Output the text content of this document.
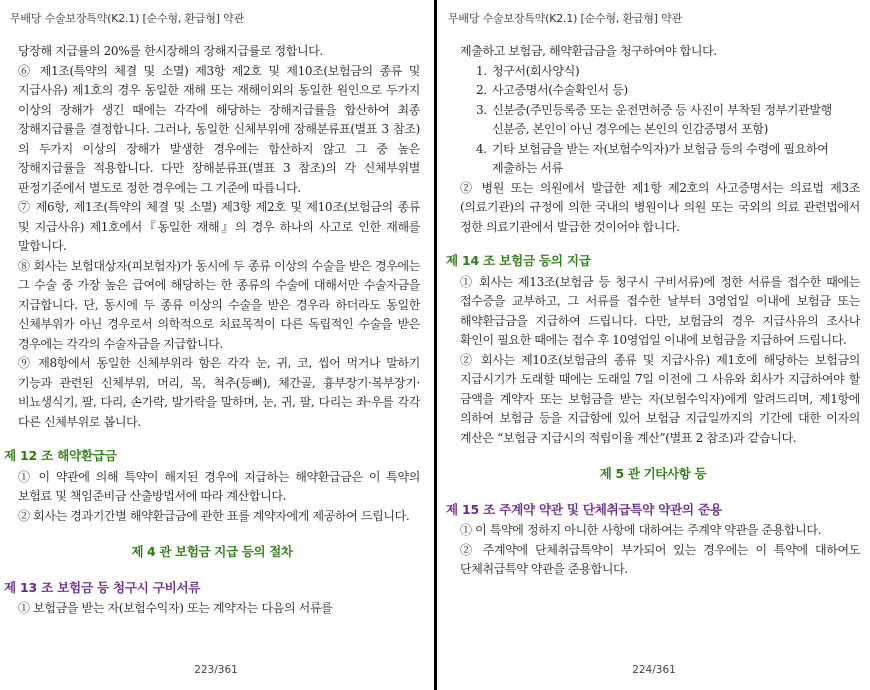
무배당 수술보장특약(K2.1) [순수형, 환급형] 약관

당장해 지급률의 20%를 한시장해의 장해지급률로 정합니다.

⑥ 제1조(특약의 체결 및 소멸) 제3항 제2호 및 제10조(보험금의 종류 및 지급사유) 제1호의 경우 동일한 재해 또는 재해이외의 동일한 원인으로 두가지 이상의 장해가 생긴 때에는 각각에 해당하는 장해지급률을 합산하여 최종 장해지급률을 결정합니다. 그러나, 동일한 신체부위에 장해분류표(별표 3 참조)의 두가지 이상의 장해가 발생한 경우에는 합산하지 않고 그 중 높은 장해지급률을 적용합니다. 다만 장해분류표(별표 3 참조)의 각 신체부위별 판정기준에서 별도로 정한 경우에는 그 기준에 따릅니다.

⑦ 제6항, 제1조(특약의 체결 및 소멸) 제3항 제2호 및 제10조(보험금의 종류 및 지급사유) 제1호에서『동일한 재해』의 경우 하나의 사고로 인한 재해를 말합니다.

⑧ 회사는 보험대상자(피보험자)가 동시에 두 종류 이상의 수술을 받은 경우에는 그 수술 중 가장 높은 급여에 해당하는 한 종류의 수술에 대해서만 수술자금을 지급합니다. 단, 동시에 두 종류 이상의 수술을 받은 경우라 하더라도 동일한 신체부위가 아닌 경우로서 의학적으로 치료목적이 다른 독립적인 수술을 받은 경우에는 각각의 수술자금을 지급합니다.

⑨ 제8항에서 동일한 신체부위라 함은 각각 눈, 귀, 코, 씹어 먹거나 말하기 기능과 관련된 신체부위, 머리, 목, 척추(등뼈), 체간골, 흉부장기·복부장기·비뇨생식기, 팔, 다리, 손가락, 발가락을 말하며, 눈, 귀, 팔, 다리는 좌·우를 각각 다른 신체부위로 봅니다.

제 12 조 해약환급금

① 이 약관에 의해 특약이 해지된 경우에 지급하는 해약환급금은 이 특약의 보험료 및 책임준비금 산출방법서에 따라 계산합니다.

② 회사는 경과기간별 해약환급금에 관한 표를 계약자에게 제공하여 드립니다.

제 4 관 보험금 지급 등의 절차
제 13 조 보험금 등 청구시 구비서류

① 보험금을 받는 자(보험수익자) 또는 계약자는 다음의 서류를

223/361
무배당 수술보장특약(K2.1) [순수형, 환급형] 약관

제출하고 보험금, 해약환급금을 청구하여야 합니다.

1. 청구서(회사양식)
2. 사고증명서(수술확인서 등)
3. 신분증(주민등록증 또는 운전면허증 등 사진이 부착된 정부기관발행 신분증, 본인이 아닌 경우에는 본인의 인감증명서 포함)
4. 기타 보험금을 받는 자(보험수익자)가 보험금 등의 수령에 필요하여 제출하는 서류

② 병원 또는 의원에서 발급한 제1항 제2호의 사고증명서는 의료법 제3조(의료기관)의 규정에 의한 국내의 병원이나 의원 또는 국외의 의료 관련법에서 정한 의료기관에서 발급한 것이어야 합니다.

제 14 조 보험금 등의 지급

① 회사는 제13조(보험금 등 청구시 구비서류)에 정한 서류를 접수한 때에는 접수증을 교부하고, 그 서류를 접수한 날부터 3영업일 이내에 보험금 또는 해약환급금을 지급하여 드립니다. 다만, 보험금의 경우 지급사유의 조사나 확인이 필요한 때에는 접수 후 10영업일 이내에 보험금을 지급하여 드립니다.

② 회사는 제10조(보험금의 종류 및 지급사유) 제1호에 해당하는 보험금의 지급시기가 도래할 때에는 도래일 7일 이전에 그 사유와 회사가 지급하여야 할 금액을 계약자 또는 보험금을 받는 자(보험수익자)에게 알려드리며, 제1항에 의하여 보험금 등을 지급함에 있어 보험금 지급일까지의 기간에 대한 이자의 계산은 “보험금 지급시의 적립이율 계산”(별표 2 참조)과 같습니다.

제 5 관 기타사항 등
제 15 조 주계약 약관 및 단체취급특약 약관의 준용

① 이 특약에 정하지 아니한 사항에 대하여는 주계약 약관을 준용합니다.

② 주계약에 단체취급특약이 부가되어 있는 경우에는 이 특약에 대하여도 단체취급특약 약관을 준용합니다.

224/361
